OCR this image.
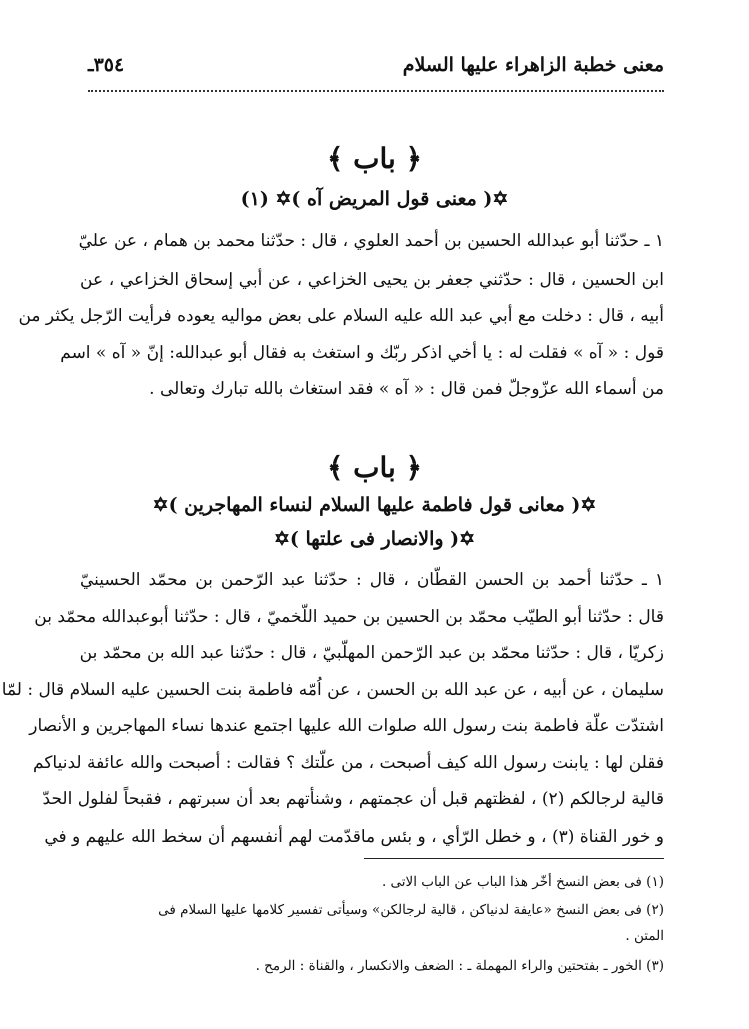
معنى خطبة الزاهراء عليها السلام
٣٥٤ـ
﴿ باب ﴾
✡( معنى قول المريض آه )✡ (١)
١ ـ حدّثنا أبو عبدالله الحسين بن أحمد العلوي ، قال : حدّثنا محمد بن همام ، عن عليّ
ابن الحسين ، قال : حدّثني جعفر بن يحيى الخزاعي ، عن أبي إسحاق الخزاعي ، عن
أبيه ، قال : دخلت مع أبي عبد الله عليه السلام على بعض مواليه يعوده فرأيت الرّجل يكثر من
قول : « آه » فقلت له : يا أخي اذكر ربّك و استغث به فقال أبو عبدالله: إنّ « آه » اسم
من أسماء الله عزّوجلّ فمن قال : « آه » فقد استغاث بالله تبارك وتعالى .
﴿ باب ﴾
✡( معانى قول فاطمة عليها السلام لنساء المهاجرين )✡
✡( والانصار فى علتها )✡
١ ـ حدّثنا أحمد بن الحسن القطّان ، قال : حدّثنا عبد الرّحمن بن محمّد الحسينيّ
قال : حدّثنا أبو الطيّب محمّد بن الحسين بن حميد اللّخميّ ، قال : حدّثنا أبوعبدالله محمّد بن
زكريّا ، قال : حدّثنا محمّد بن عبد الرّحمن المهلّبيّ ، قال : حدّثنا عبد الله بن محمّد بن
سليمان ، عن أبيه ، عن عبد الله بن الحسن ، عن اُمّه فاطمة بنت الحسين عليه السلام قال : لمّا
اشتدّت علّة فاطمة بنت رسول الله صلوات الله عليها اجتمع عندها نساء المهاجرين و الأنصار
فقلن لها : يابنت رسول الله كيف أصبحت ، من علّتك ؟ فقالت : أصبحت والله عائفة لدنياكم
قالية لرجالكم (٢) ، لفظتهم قبل أن عجمتهم ، وشنأتهم بعد أن سبرتهم ، فقبحاً لفلول الحدّ
و خور القناة (٣) ، و خطل الرّأي ، و بئس ماقدّمت لهم أنفسهم أن سخط الله عليهم و في
(١) فى بعض النسخ أخّر هذا الباب عن الباب الاتى .
(٢) فى بعض النسخ «عايفة لدنياكن ، قالية لرجالكن» وسيأتى تفسير كلامها عليها السلام فى
المتن .
(٣) الخور ـ بفتحتين والراء المهملة ـ : الضعف والانكسار ، والقناة : الرمح .
